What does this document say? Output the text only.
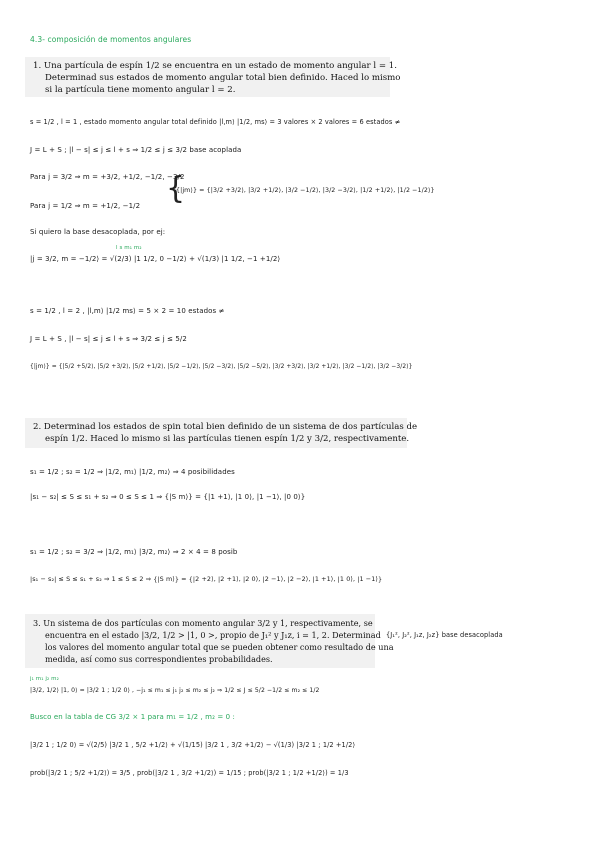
4.3- composición de momentos angulares

1. Una partícula de espín 1/2 se encuentra en un estado de momento angular l = 1.

Determinad sus estados de momento angular total bien definido. Haced lo mismo

si la partícula tiene momento angular l = 2.

s = 1/2 , l = 1 , estado momento angular total definido |l,m⟩ |1/2, ms⟩ = 3 valores × 2 valores = 6 estados ≠
J = L + S ; |l − s| ≤ j ≤ l + s ⇒ 1/2 ≤ j ≤ 3/2 base acoplada
Para j = 3/2 ⇒ m = +3/2, +1/2, −1/2, −3/2
{
{|jm⟩} = {|3/2 +3/2⟩, |3/2 +1/2⟩, |3/2 −1/2⟩, |3/2 −3/2⟩, |1/2 +1/2⟩, |1/2 −1/2⟩}
Para j = 1/2 ⇒ m = +1/2, −1/2
Si quiero la base desacoplada, por ej:
l s m₁ m₂
|j = 3/2, m = −1/2⟩ = √(2/3) |1 1/2, 0 −1/2⟩ + √(1/3) |1 1/2, −1 +1/2⟩
s = 1/2 , l = 2 , |l,m⟩ |1/2 ms⟩ = 5 × 2 = 10 estados ≠
J = L + S , |l − s| ≤ j ≤ l + s ⇒ 3/2 ≤ j ≤ 5/2
{|jm⟩} = {|5/2 +5/2⟩, |5/2 +3/2⟩, |5/2 +1/2⟩, |5/2 −1/2⟩, |5/2 −3/2⟩, |5/2 −5/2⟩, |3/2 +3/2⟩, |3/2 +1/2⟩, |3/2 −1/2⟩, |3/2 −3/2⟩}

2. Determinad los estados de spin total bien definido de un sistema de dos partículas de

espín 1/2. Haced lo mismo si las partículas tienen espín 1/2 y 3/2, respectivamente.

s₁ = 1/2 ; s₂ = 1/2 ⇒ |1/2, m₁⟩ |1/2, m₂⟩ ⇒ 4 posibilidades
|s₁ − s₂| ≤ S ≤ s₁ + s₂ ⇒ 0 ≤ S ≤ 1 ⇒ {|S m⟩} = {|1 +1⟩, |1 0⟩, |1 −1⟩, |0 0⟩}
s₁ = 1/2 ; s₂ = 3/2 ⇒ |1/2, m₁⟩ |3/2, m₂⟩ ⇒ 2 × 4 = 8 posib
|s₁ − s₂| ≤ S ≤ s₁ + s₂ ⇒ 1 ≤ S ≤ 2 ⇒ {|S m⟩} = {|2 +2⟩, |2 +1⟩, |2 0⟩, |2 −1⟩, |2 −2⟩, |1 +1⟩, |1 0⟩, |1 −1⟩}

3. Un sistema de dos partículas con momento angular 3/2 y 1, respectivamente, se

encuentra en el estado |3/2, 1/2 > |1, 0 >, propio de J₁² y J₁z, i = 1, 2. Determinad

los valores del momento angular total que se pueden obtener como resultado de una

medida, así como sus correspondientes probabilidades.

{J₁², J₂², J₁z, J₂z} base desacoplada
j₁ m₁ j₂ m₂
|3/2, 1/2⟩ |1, 0⟩ = |3/2 1 ; 1/2 0⟩ , −j₁ ≤ m₁ ≤ j₁ j₂ ≤ m₂ ≤ j₂ ⇒ 1/2 ≤ J ≤ 5/2 −1/2 ≤ m₂ ≤ 1/2
Busco en la tabla de CG 3/2 × 1 para m₁ = 1/2 , m₂ = 0 :
|3/2 1 ; 1/2 0⟩ = √(2/5) |3/2 1 , 5/2 +1/2⟩ + √(1/15) |3/2 1 , 3/2 +1/2⟩ − √(1/3) |3/2 1 ; 1/2 +1/2⟩
prob(|3/2 1 ; 5/2 +1/2⟩) = 3/5 , prob(|3/2 1 , 3/2 +1/2⟩) = 1/15 ; prob(|3/2 1 ; 1/2 +1/2⟩) = 1/3
